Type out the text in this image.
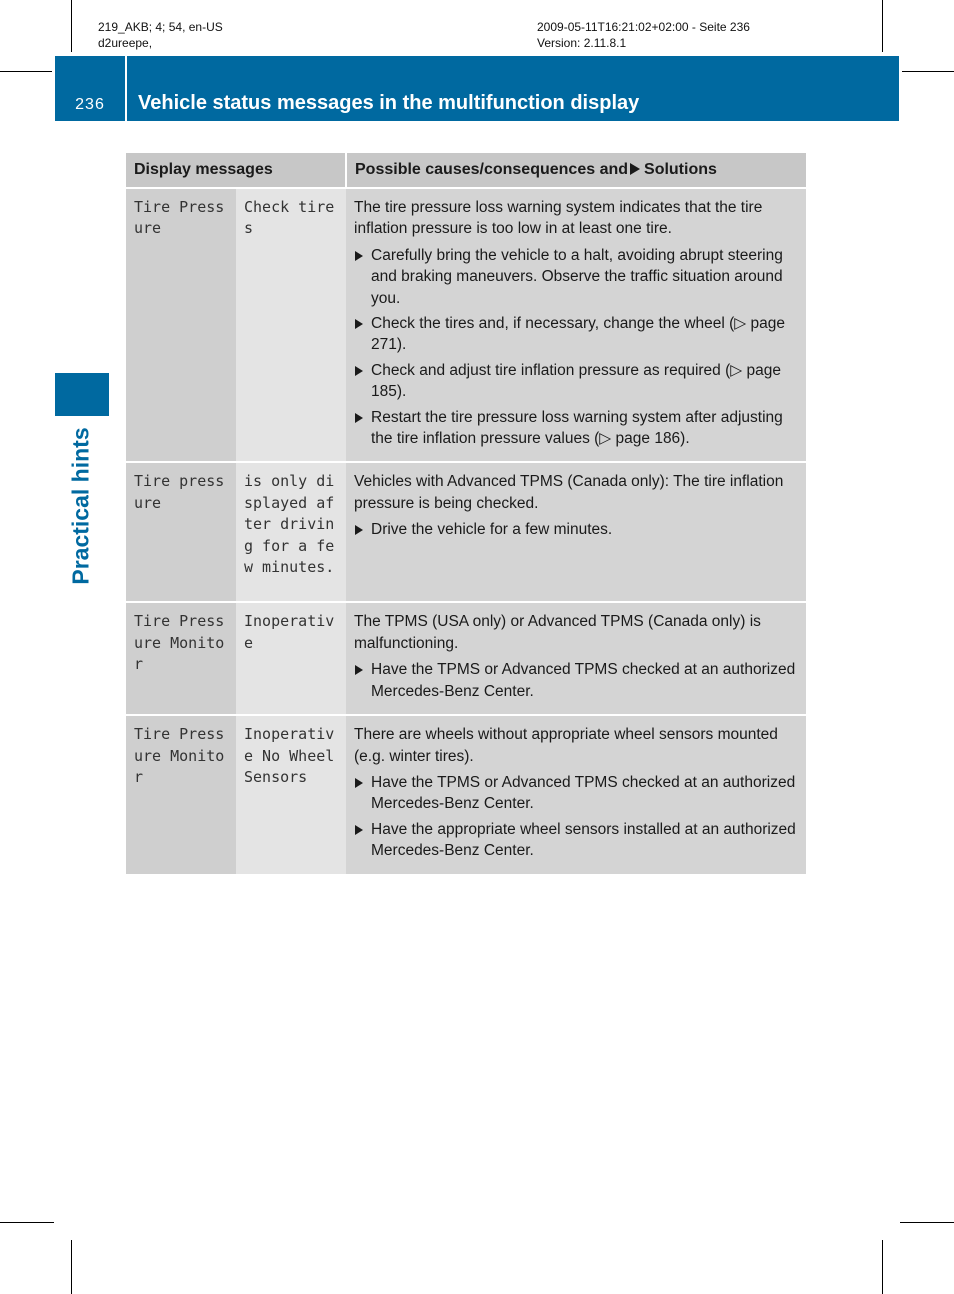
219_AKB; 4; 54, en-US
d2ureepe,
2009-05-11T16:21:02+02:00 - Seite 236
Version: 2.11.8.1
236	Vehicle status messages in the multifunction display
Practical hints
Display messages		Possible causes/consequences and Solutions
Tire Pressure	Check tires	The tire pressure loss warning system indicates that the tire inflation pressure is too low in at least one tire.

Carefully bring the vehicle to a halt, avoiding abrupt steering and braking maneuvers. Observe the traffic situation around you.
Check the tires and, if necessary, change the wheel (▷ page 271).
Check and adjust tire inflation pressure as required (▷ page 185).
Restart the tire pressure loss warning system after adjusting the tire inflation pressure values (▷ page 186).

Tire pressure	is only displayed after driving for a few minutes.	Vehicles with Advanced TPMS (Canada only): The tire inflation pressure is being checked.

Drive the vehicle for a few minutes.

Tire Pressure Monitor	Inoperative	The TPMS (USA only) or Advanced TPMS (Canada only) is malfunctioning.

Have the TPMS or Advanced TPMS checked at an authorized Mercedes-Benz Center.

Tire Pressure Monitor	Inoperative No Wheel Sensors	There are wheels without appropriate wheel sensors mounted (e.g. winter tires).

Have the TPMS or Advanced TPMS checked at an authorized Mercedes-Benz Center.
Have the appropriate wheel sensors installed at an authorized Mercedes-Benz Center.
